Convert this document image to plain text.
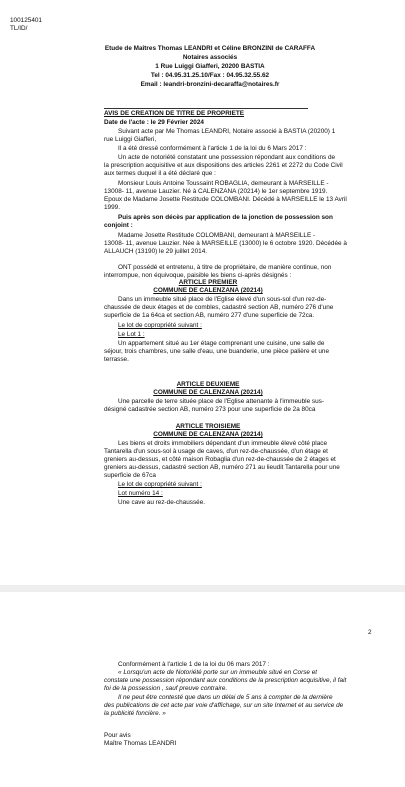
100125401
TL/ID/
Etude de Maîtres Thomas LEANDRI et Céline BRONZINI de CARAFFA
Notaires associés
1 Rue Luiggi Giafferi, 20200 BASTIA
Tel : 04.95.31.25.10/Fax : 04.95.32.55.62
Email : leandri-bronzini-decaraffa@notaires.fr
AVIS DE CREATION DE TITRE DE PROPRIETE
Date de l'acte : le 29 Février 2024
Suivant acte par Me Thomas LEANDRI, Notaire associé à BASTIA (20200) 1
rue Luiggi Giafferi,
Il a été dressé conformément à l'article 1 de la loi du 6 Mars 2017 :
Un acte de notoriété constatant une possession répondant aux conditions de
la prescription acquisitive et aux dispositions des articles 2261 et 2272 du Code Civil
aux termes duquel il a été déclaré que :
Monsieur Louis Antoine Toussaint ROBAGLIA, demeurant à MARSEILLE -
13008- 11, avenue Lauzier. Né à CALENZANA (20214) le 1er septembre 1919.
Epoux de Madame Josette Restitude COLOMBANI. Décédé à MARSEILLE le 13 Avril
1999.
Puis après son décès par application de la jonction de possession son
conjoint :
Madame Josette Restitude COLOMBANI, demeurant à MARSEILLE -
13008- 11, avenue Lauzier. Née à MARSEILLE (13000) le 6 octobre 1920. Décédée à
ALLAUCH (13190) le 29 juillet 2014.
ONT possédé et entretenu, à titre de propriétaire, de manière continue, non
interrompue, non équivoque, paisible les biens ci-après désignés :
ARTICLE PREMIER
COMMUNE DE CALENZANA (20214)
Dans un immeuble situé place de l'Eglise élevé d'un sous-sol d'un rez-de-
chaussée de deux étages et de combles, cadastré section AB, numéro 276 d'une
superficie de 1a 64ca et section AB, numéro 277 d'une superficie de 72ca.
Le lot de copropriété suivant :
Le Lot 1 :
Un appartement situé au 1er étage comprenant une cuisine, une salle de
séjour, trois chambres, une salle d'eau, une buanderie, une pièce palière et une
terrasse.
ARTICLE DEUXIEME
COMMUNE DE CALENZANA (20214)
Une parcelle de terre située place de l'Eglise attenante à l'immeuble sus-
désigné cadastrée section AB, numéro 273 pour une superficie de 2a 80ca
ARTICLE TROISIEME
COMMUNE DE CALENZANA (20214)
Les biens et droits immobiliers dépendant d'un immeuble élevé côté place
Tantarella d'un sous-sol à usage de caves, d'un rez-de-chaussée, d'un étage et
greniers au-dessus, et côté maison Robaglia d'un rez-de-chaussée de 2 étages et
greniers au-dessus, cadastré section AB, numéro 271 au lieudit Tantarella pour une
superficie de 67ca
Le lot de copropriété suivant :
Lot numéro 14 :
Une cave au rez-de-chaussée.
2
Conformément à l'article 1 de la loi du 06 mars 2017 :
« Lorsqu'un acte de Notoriété porte sur un immeuble situé en Corse et
constate une possession répondant aux conditions de la prescription acquisitive, il fait
foi de la possession , sauf preuve contraire.
Il ne peut être contesté que dans un délai de 5 ans à compter de la dernière
des publications de cet acte par voie d'affichage, sur un site Internet et au service de
la publicité foncière. »
Pour avis
Maître Thomas LEANDRI
